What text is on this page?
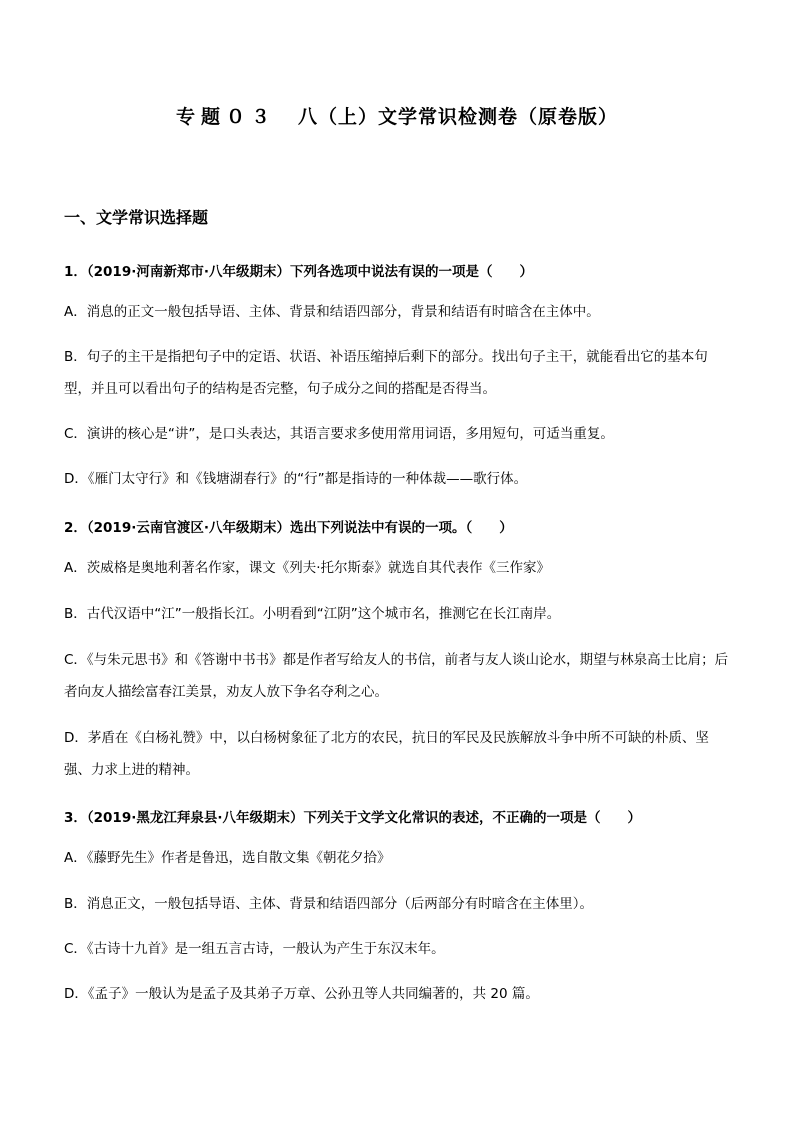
专题０３ 八（上）文学常识检测卷（原卷版）
一、文学常识选择题
1．（2019·河南新郑市·八年级期末）下列各选项中说法有误的一项是（　　）
A．消息的正文一般包括导语、主体、背景和结语四部分，背景和结语有时暗含在主体中。
B．句子的主干是指把句子中的定语、状语、补语压缩掉后剩下的部分。找出句子主干，就能看出它的基本句型，并且可以看出句子的结构是否完整，句子成分之间的搭配是否得当。
C．演讲的核心是“讲”，是口头表达，其语言要求多使用常用词语，多用短句，可适当重复。
D．《雁门太守行》和《钱塘湖春行》的“行”都是指诗的一种体裁——歌行体。
2．（2019·云南官渡区·八年级期末）选出下列说法中有误的一项。（　　）
A．茨威格是奥地利著名作家，课文《列夫·托尔斯泰》就选自其代表作《三作家》
B．古代汉语中“江”一般指长江。小明看到“江阴”这个城市名，推测它在长江南岸。
C．《与朱元思书》和《答谢中书书》都是作者写给友人的书信，前者与友人谈山论水，期望与林泉高士比肩；后者向友人描绘富春江美景，劝友人放下争名夺利之心。
D．茅盾在《白杨礼赞》中，以白杨树象征了北方的农民，抗日的军民及民族解放斗争中所不可缺的朴质、坚强、力求上进的精神。
3．（2019·黑龙江拜泉县·八年级期末）下列关于文学文化常识的表述，不正确的一项是（　　）
A．《藤野先生》作者是鲁迅，选自散文集《朝花夕拾》
B．消息正文，一般包括导语、主体、背景和结语四部分（后两部分有时暗含在主体里）。
C．《古诗十九首》是一组五言古诗，一般认为产生于东汉末年。
D．《孟子》一般认为是孟子及其弟子万章、公孙丑等人共同编著的，共 20 篇。
